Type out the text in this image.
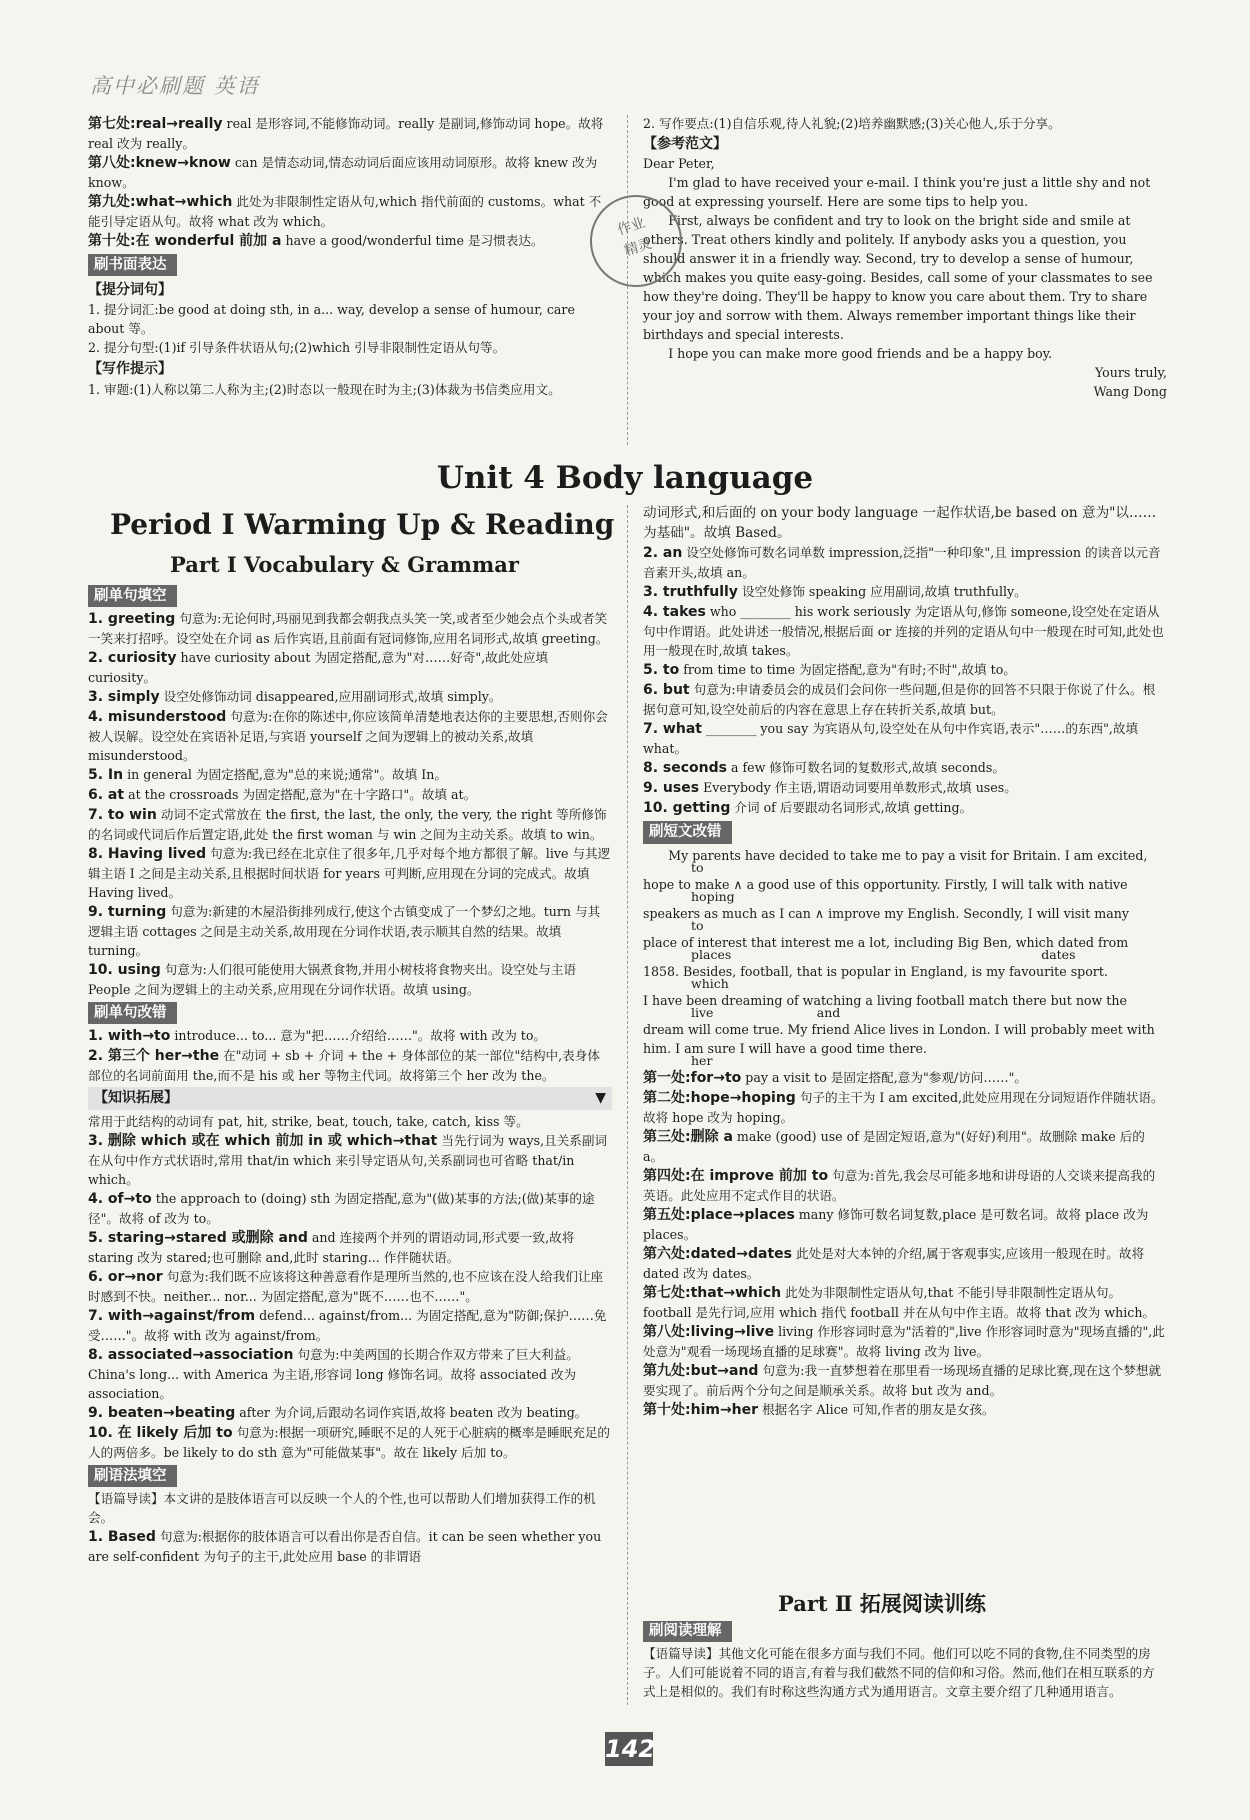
高中必刷题 英语

第七处:real→really real 是形容词,不能修饰动词。really 是副词,修饰动词 hope。故将 real 改为 really。

第八处:knew→know can 是情态动词,情态动词后面应该用动词原形。故将 knew 改为 know。

第九处:what→which 此处为非限制性定语从句,which 指代前面的 customs。what 不能引导定语从句。故将 what 改为 which。

第十处:在 wonderful 前加 a have a good/wonderful time 是习惯表达。

刷书面表达
【提分词句】

1. 提分词汇:be good at doing sth, in a... way, develop a sense of humour, care about 等。

2. 提分句型:(1)if 引导条件状语从句;(2)which 引导非限制性定语从句等。

【写作提示】

1. 审题:(1)人称以第二人称为主;(2)时态以一般现在时为主;(3)体裁为书信类应用文。

2. 写作要点:(1)自信乐观,待人礼貌;(2)培养幽默感;(3)关心他人,乐于分享。

【参考范文】

Dear Peter,

I'm glad to have received your e-mail. I think you're just a little shy and not good at expressing yourself. Here are some tips to help you.

First, always be confident and try to look on the bright side and smile at others. Treat others kindly and politely. If anybody asks you a question, you should answer it in a friendly way. Second, try to develop a sense of humour, which makes you quite easy-going. Besides, call some of your classmates to see how they're doing. They'll be happy to know you care about them. Try to share your joy and sorrow with them. Always remember important things like their birthdays and special interests.

I hope you can make more good friends and be a happy boy.

Yours truly,

Wang Dong

作业
精灵
Unit 4 Body language
Period Ⅰ Warming Up & Reading
Part Ⅰ Vocabulary & Grammar
刷单句填空

1. greeting 句意为:无论何时,玛丽见到我都会朝我点头笑一笑,或者至少她会点个头或者笑一笑来打招呼。设空处在介词 as 后作宾语,且前面有冠词修饰,应用名词形式,故填 greeting。

2. curiosity have curiosity about 为固定搭配,意为"对……好奇",故此处应填 curiosity。

3. simply 设空处修饰动词 disappeared,应用副词形式,故填 simply。

4. misunderstood 句意为:在你的陈述中,你应该简单清楚地表达你的主要思想,否则你会被人误解。设空处在宾语补足语,与宾语 yourself 之间为逻辑上的被动关系,故填 misunderstood。

5. In in general 为固定搭配,意为"总的来说;通常"。故填 In。

6. at at the crossroads 为固定搭配,意为"在十字路口"。故填 at。

7. to win 动词不定式常放在 the first, the last, the only, the very, the right 等所修饰的名词或代词后作后置定语,此处 the first woman 与 win 之间为主动关系。故填 to win。

8. Having lived 句意为:我已经在北京住了很多年,几乎对每个地方都很了解。live 与其逻辑主语 I 之间是主动关系,且根据时间状语 for years 可判断,应用现在分词的完成式。故填 Having lived。

9. turning 句意为:新建的木屋沿街排列成行,使这个古镇变成了一个梦幻之地。turn 与其逻辑主语 cottages 之间是主动关系,故用现在分词作状语,表示顺其自然的结果。故填 turning。

10. using 句意为:人们很可能使用大锅煮食物,并用小树枝将食物夹出。设空处与主语 People 之间为逻辑上的主动关系,应用现在分词作状语。故填 using。

刷单句改错

1. with→to introduce... to... 意为"把……介绍给……"。故将 with 改为 to。

2. 第三个 her→the 在"动词 + sb + 介词 + the + 身体部位的某一部位"结构中,表身体部位的名词前面用 the,而不是 his 或 her 等物主代词。故将第三个 her 改为 the。

【知识拓展】	▼

常用于此结构的动词有 pat, hit, strike, beat, touch, take, catch, kiss 等。

3. 删除 which 或在 which 前加 in 或 which→that 当先行词为 ways,且关系副词在从句中作方式状语时,常用 that/in which 来引导定语从句,关系副词也可省略 that/in which。

4. of→to the approach to (doing) sth 为固定搭配,意为"(做)某事的方法;(做)某事的途径"。故将 of 改为 to。

5. staring→stared 或删除 and and 连接两个并列的谓语动词,形式要一致,故将 staring 改为 stared;也可删除 and,此时 staring... 作伴随状语。

6. or→nor 句意为:我们既不应该将这种善意看作是理所当然的,也不应该在没人给我们让座时感到不快。neither... nor... 为固定搭配,意为"既不……也不……"。

7. with→against/from defend... against/from... 为固定搭配,意为"防御;保护……免受……"。故将 with 改为 against/from。

8. associated→association 句意为:中美两国的长期合作双方带来了巨大利益。China's long... with America 为主语,形容词 long 修饰名词。故将 associated 改为 association。

9. beaten→beating after 为介词,后跟动名词作宾语,故将 beaten 改为 beating。

10. 在 likely 后加 to 句意为:根据一项研究,睡眠不足的人死于心脏病的概率是睡眠充足的人的两倍多。be likely to do sth 意为"可能做某事"。故在 likely 后加 to。

刷语法填空

【语篇导读】本文讲的是肢体语言可以反映一个人的个性,也可以帮助人们增加获得工作的机会。

1. Based 句意为:根据你的肢体语言可以看出你是否自信。it can be seen whether you are self-confident 为句子的主干,此处应用 base 的非谓语

动词形式,和后面的 on your body language 一起作状语,be based on 意为"以……为基础"。故填 Based。

2. an 设空处修饰可数名词单数 impression,泛指"一种印象",且 impression 的读音以元音音素开头,故填 an。

3. truthfully 设空处修饰 speaking 应用副词,故填 truthfully。

4. takes who ________ his work seriously 为定语从句,修饰 someone,设空处在定语从句中作谓语。此处讲述一般情况,根据后面 or 连接的并列的定语从句中一般现在时可知,此处也用一般现在时,故填 takes。

5. to from time to time 为固定搭配,意为"有时;不时",故填 to。

6. but 句意为:申请委员会的成员们会问你一些问题,但是你的回答不只限于你说了什么。根据句意可知,设空处前后的内容在意思上存在转折关系,故填 but。

7. what ________ you say 为宾语从句,设空处在从句中作宾语,表示"……的东西",故填 what。

8. seconds a few 修饰可数名词的复数形式,故填 seconds。

9. uses Everybody 作主语,谓语动词要用单数形式,故填 uses。

10. getting 介词 of 后要跟动名词形式,故填 getting。

刷短文改错

My parents have decided to take me to pay a visit for Britain. I am excited,

to

hope to make ∧ a good use of this opportunity. Firstly, I will talk with native

hoping

speakers as much as I can ∧ improve my English. Secondly, I will visit many

to

place of interest that interest me a lot, including Big Ben, which dated from

places                                                                              dates

1858. Besides, football, that is popular in England, is my favourite sport.

which

I have been dreaming of watching a living football match there but now the

live                          and

dream will come true. My friend Alice lives in London. I will probably meet with him. I am sure I will have a good time there.

her

第一处:for→to pay a visit to 是固定搭配,意为"参观/访问……"。

第二处:hope→hoping 句子的主干为 I am excited,此处应用现在分词短语作伴随状语。故将 hope 改为 hoping。

第三处:删除 a make (good) use of 是固定短语,意为"(好好)利用"。故删除 make 后的 a。

第四处:在 improve 前加 to 句意为:首先,我会尽可能多地和讲母语的人交谈来提高我的英语。此处应用不定式作目的状语。

第五处:place→places many 修饰可数名词复数,place 是可数名词。故将 place 改为 places。

第六处:dated→dates 此处是对大本钟的介绍,属于客观事实,应该用一般现在时。故将 dated 改为 dates。

第七处:that→which 此处为非限制性定语从句,that 不能引导非限制性定语从句。football 是先行词,应用 which 指代 football 并在从句中作主语。故将 that 改为 which。

第八处:living→live living 作形容词时意为"活着的",live 作形容词时意为"现场直播的",此处意为"观看一场现场直播的足球赛"。故将 living 改为 live。

第九处:but→and 句意为:我一直梦想着在那里看一场现场直播的足球比赛,现在这个梦想就要实现了。前后两个分句之间是顺承关系。故将 but 改为 and。

第十处:him→her 根据名字 Alice 可知,作者的朋友是女孩。

Part Ⅱ 拓展阅读训练
刷阅读理解

【语篇导读】其他文化可能在很多方面与我们不同。他们可以吃不同的食物,住不同类型的房子。人们可能说着不同的语言,有着与我们截然不同的信仰和习俗。然而,他们在相互联系的方式上是相似的。我们有时称这些沟通方式为通用语言。文章主要介绍了几种通用语言。

142
